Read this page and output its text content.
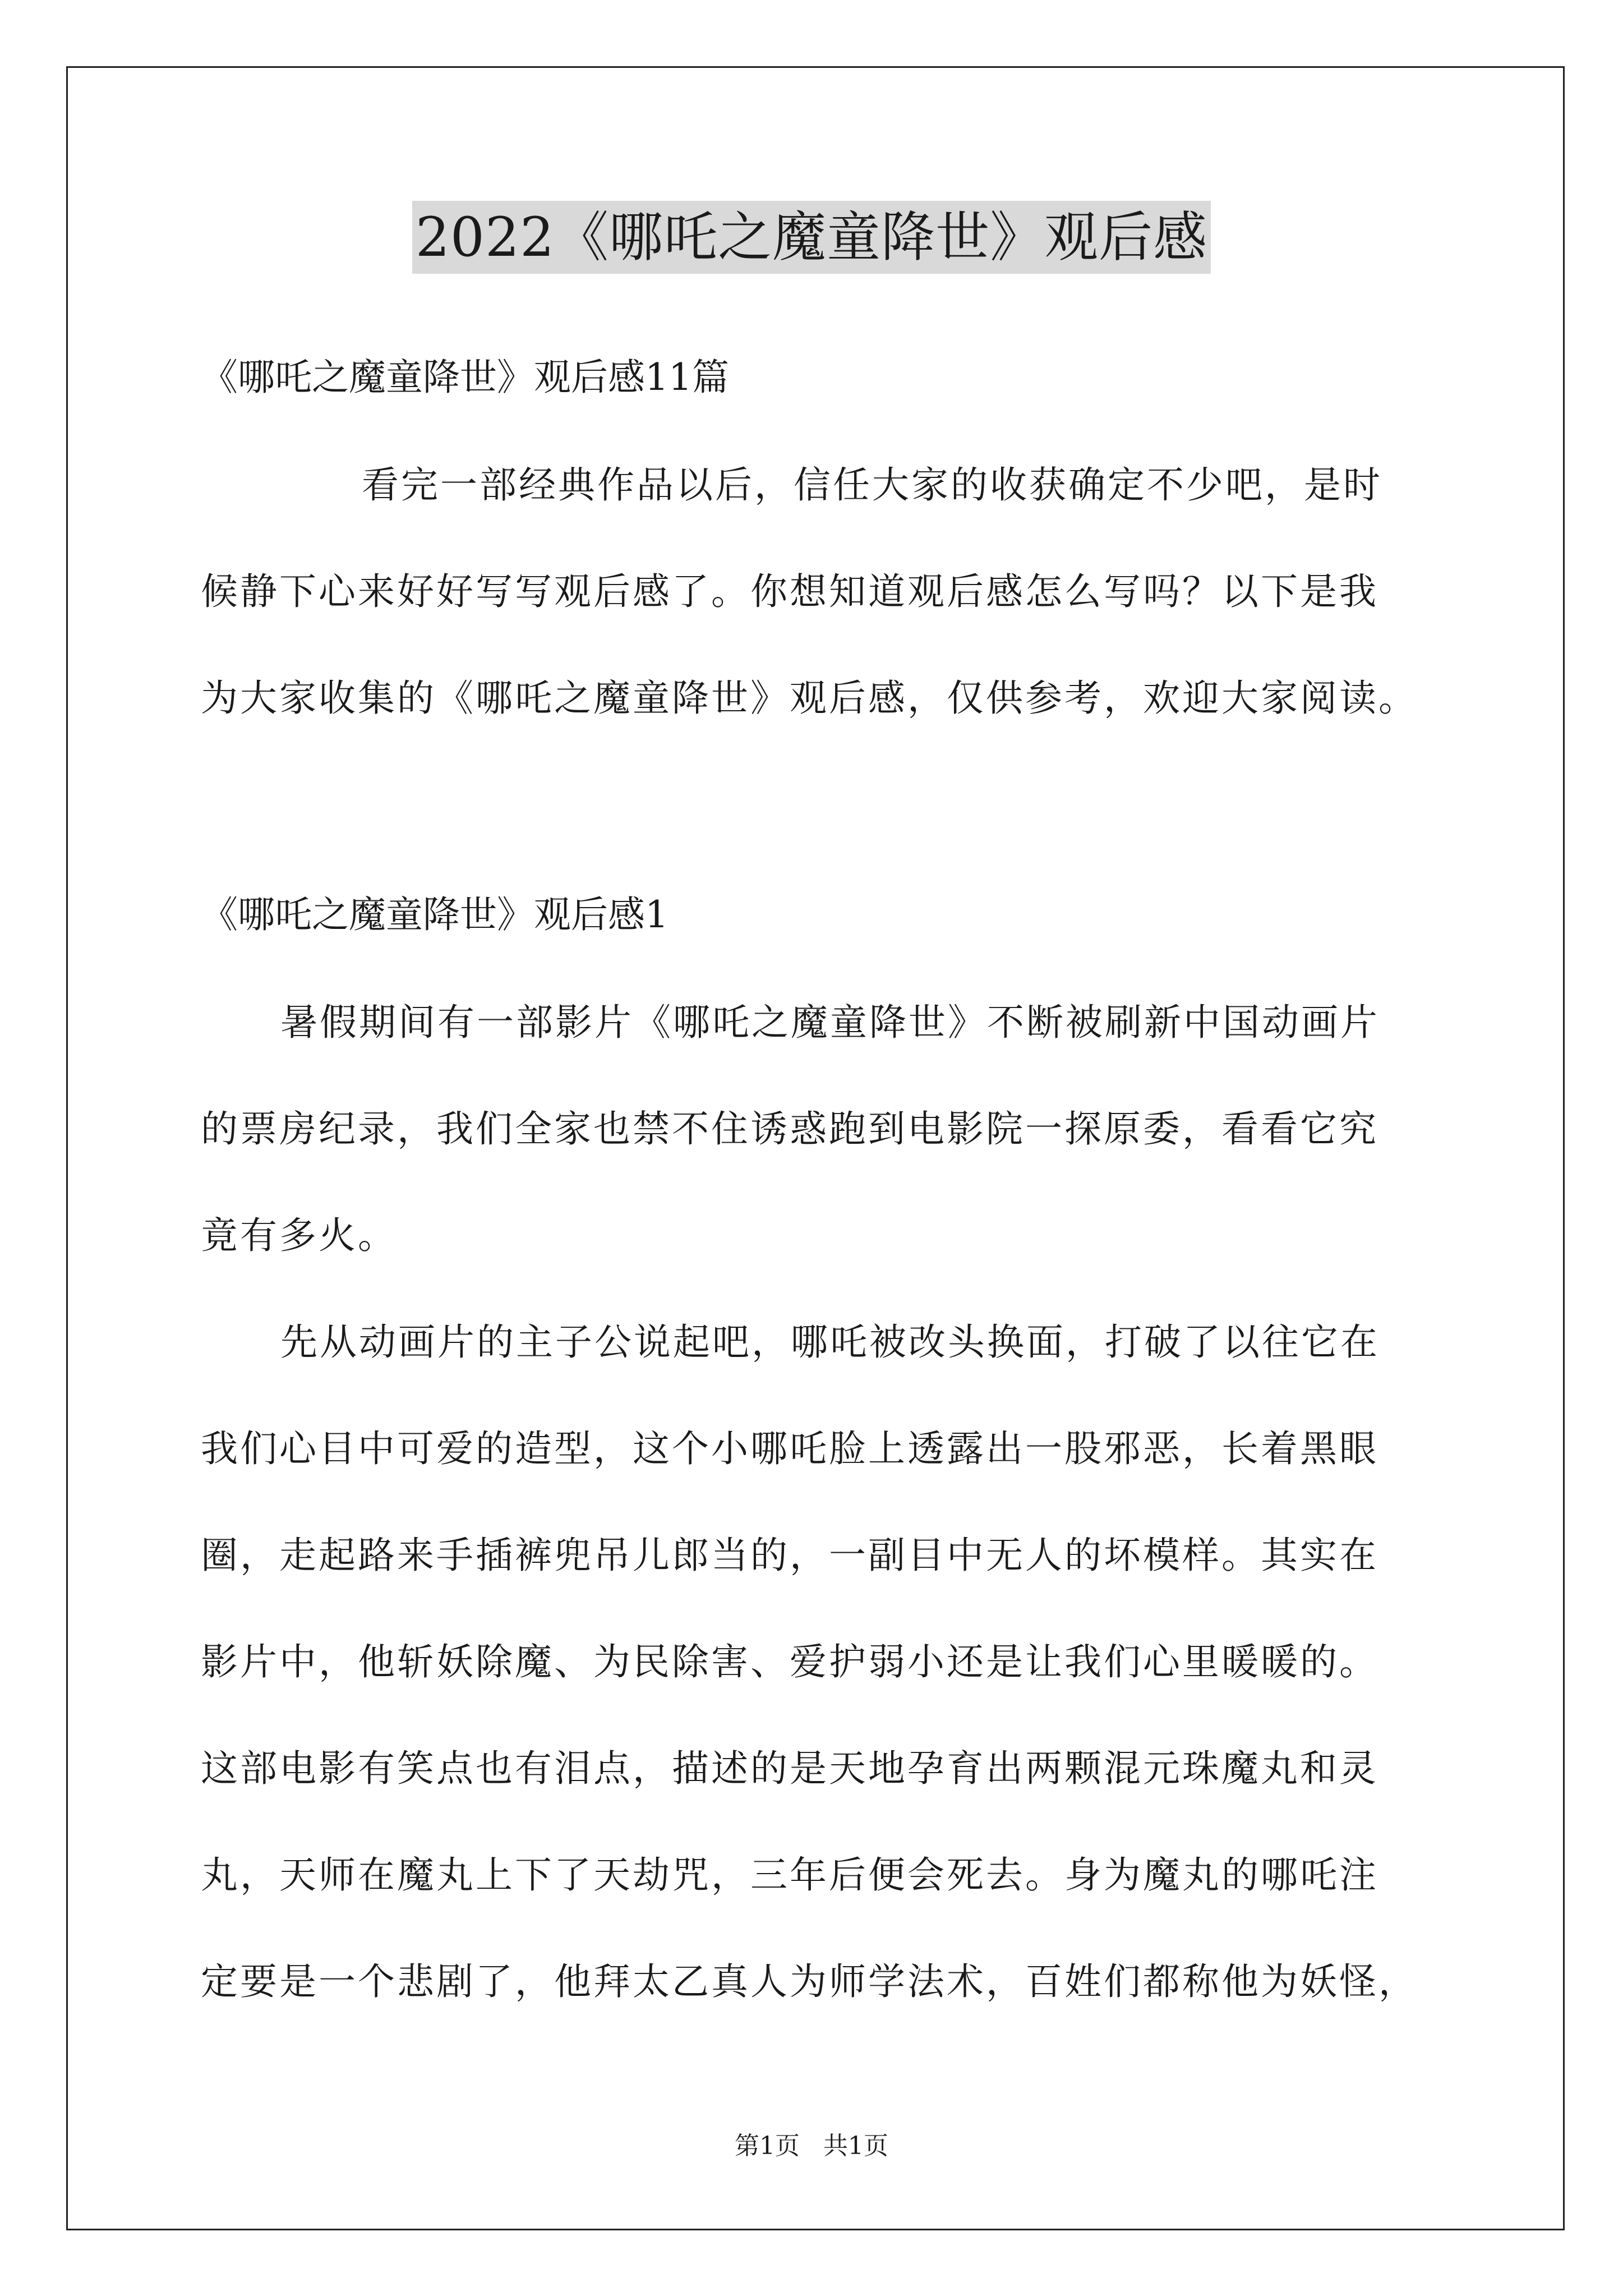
2022《哪吒之魔童降世》观后感
《哪吒之魔童降世》观后感11篇
看完一部经典作品以后，信任大家的收获确定不少吧，是时
候静下心来好好写写观后感了。你想知道观后感怎么写吗？以下是我
为大家收集的《哪吒之魔童降世》观后感，仅供参考，欢迎大家阅读。
《哪吒之魔童降世》观后感1
暑假期间有一部影片《哪吒之魔童降世》不断被刷新中国动画片
的票房纪录，我们全家也禁不住诱惑跑到电影院一探原委，看看它究
竟有多火。
先从动画片的主子公说起吧，哪吒被改头换面，打破了以往它在
我们心目中可爱的造型，这个小哪吒脸上透露出一股邪恶，长着黑眼
圈，走起路来手插裤兜吊儿郎当的，一副目中无人的坏模样。其实在
影片中，他斩妖除魔、为民除害、爱护弱小还是让我们心里暖暖的。
这部电影有笑点也有泪点，描述的是天地孕育出两颗混元珠魔丸和灵
丸，天师在魔丸上下了天劫咒，三年后便会死去。身为魔丸的哪吒注
定要是一个悲剧了，他拜太乙真人为师学法术，百姓们都称他为妖怪，
第1页   共1页
